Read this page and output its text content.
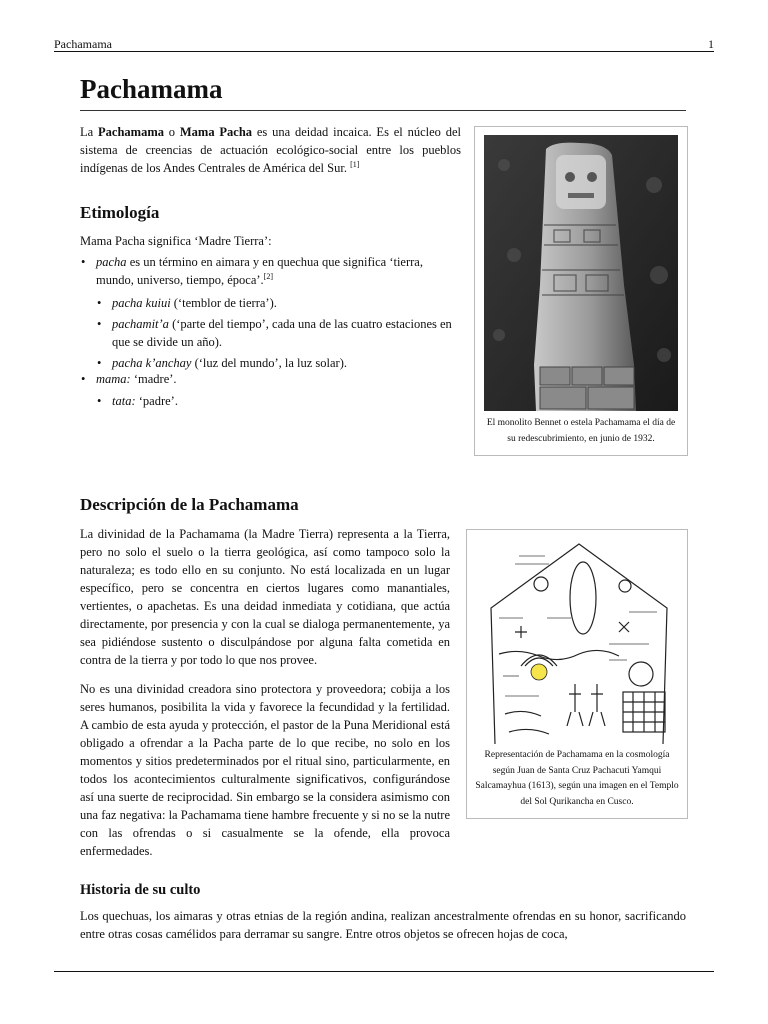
Pachamama	1
Pachamama

La Pachamama o Mama Pacha es una deidad incaica. Es el núcleo del sistema de creencias de actuación ecológico-social entre los pueblos indígenas de los Andes Centrales de América del Sur. [1]

Etimología

Mama Pacha significa ‘Madre Tierra’:

• pacha es un término en aimara y en quechua que significa ‘tierra, mundo, universo, tiempo, época’.[2]
• pacha kuiui (‘temblor de tierra’).
• pachamit’a (‘parte del tiempo’, cada una de las cuatro estaciones en que se divide un año).
• pacha k’anchay (‘luz del mundo’, la luz solar).
• mama: ‘madre’.
• tata: ‘padre’.
El monolito Bennet o estela Pachamama el día de su redescubrimiento, en junio de 1932.
Descripción de la Pachamama

La divinidad de la Pachamama (la Madre Tierra) representa a la Tierra, pero no solo el suelo o la tierra geológica, así como tampoco solo la naturaleza; es todo ello en su conjunto. No está localizada en un lugar específico, pero se concentra en ciertos lugares como manantiales, vertientes, o apachetas. Es una deidad inmediata y cotidiana, que actúa directamente, por presencia y con la cual se dialoga permanentemente, ya sea pidiéndose sustento o disculpándose por alguna falta cometida en contra de la tierra y por todo lo que nos provee.

No es una divinidad creadora sino protectora y proveedora; cobija a los seres humanos, posibilita la vida y favorece la fecundidad y la fertilidad. A cambio de esta ayuda y protección, el pastor de la Puna Meridional está obligado a ofrendar a la Pacha parte de lo que recibe, no solo en los momentos y sitios predeterminados por el ritual sino, particularmente, en todos los acontecimientos culturalmente significativos, configurándose así una suerte de reciprocidad. Sin embargo se la considera asimismo con una faz negativa: la Pachamama tiene hambre frecuente y si no se la nutre con las ofrendas o si casualmente se la ofende, ella provoca enfermedades.

Representación de Pachamama en la cosmología según Juan de Santa Cruz Pachacuti Yamqui Salcamayhua (1613), según una imagen en el Templo del Sol Qurikancha en Cusco.
Historia de su culto

Los quechuas, los aimaras y otras etnias de la región andina, realizan ancestralmente ofrendas en su honor, sacrificando entre otras cosas camélidos para derramar su sangre. Entre otros objetos se ofrecen hojas de coca,
